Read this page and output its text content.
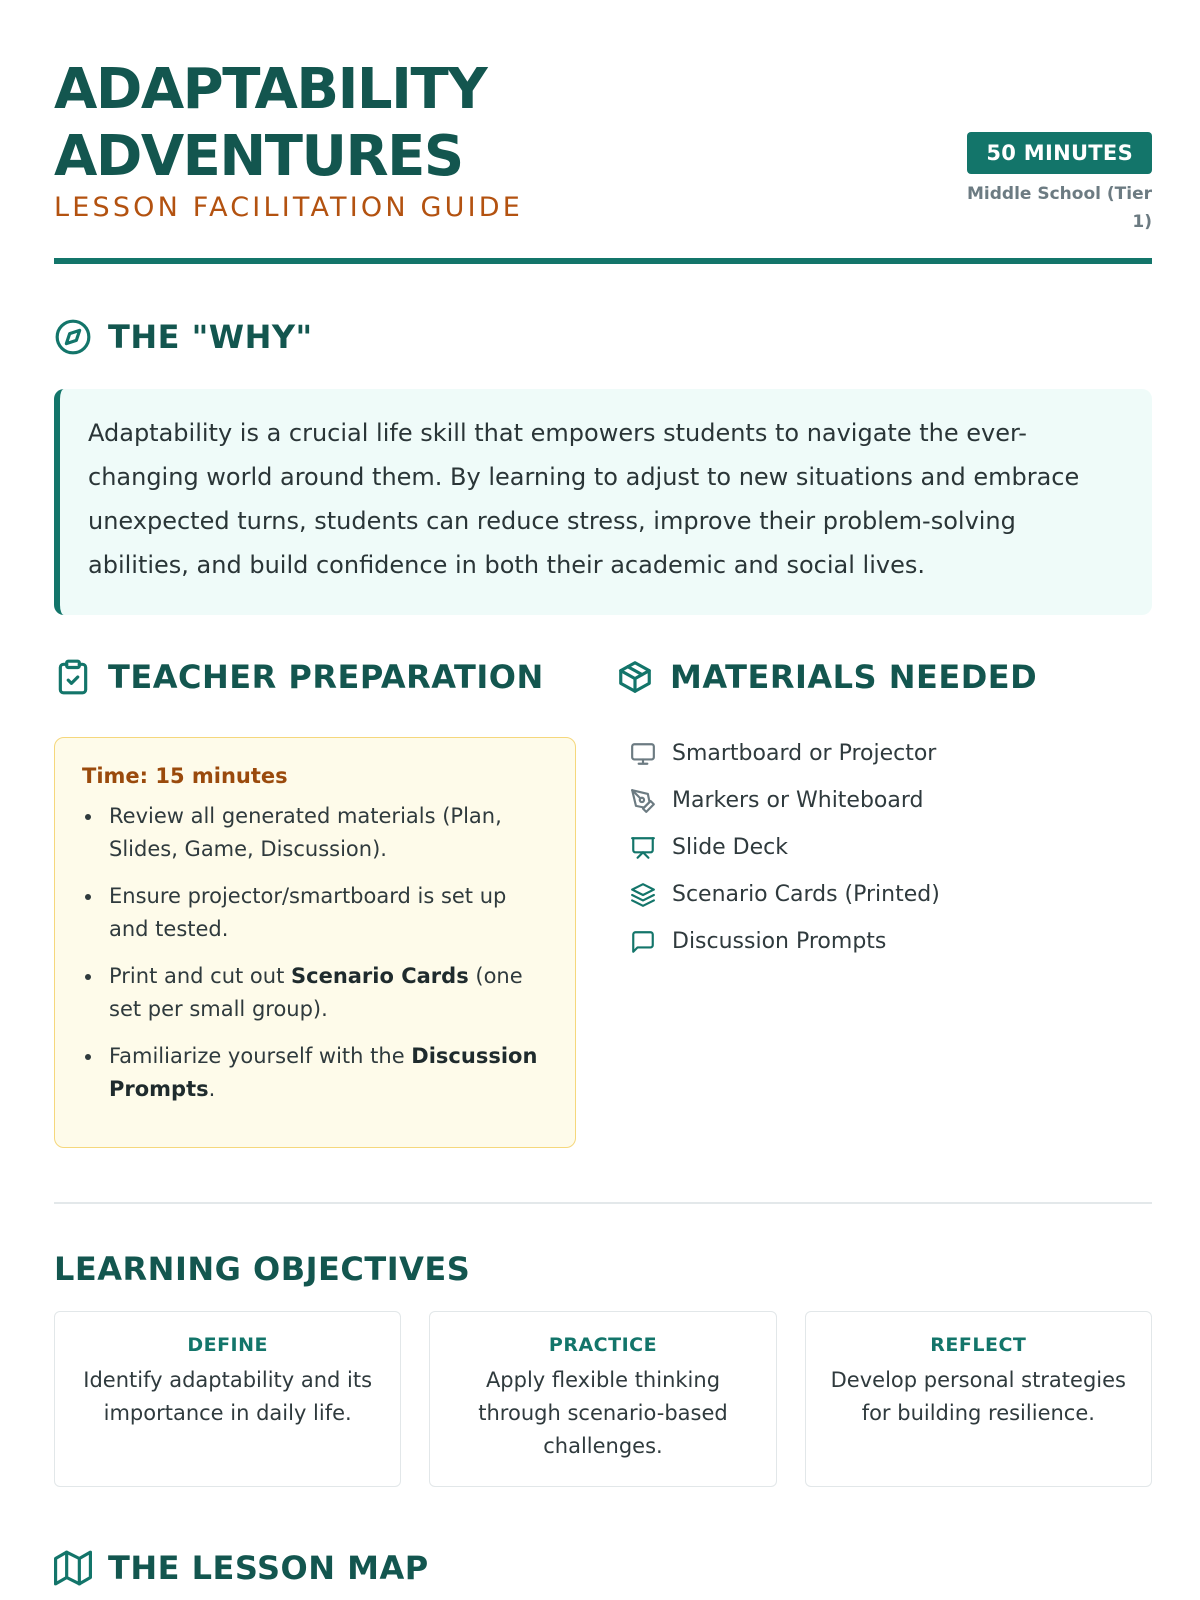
ADAPTABILITY
ADVENTURES
LESSON FACILITATION GUIDE
50 MINUTES
Middle School (Tier 1)
THE "WHY"

Adaptability is a crucial life skill that empowers students to navigate the ever-changing world around them. By learning to adjust to new situations and embrace unexpected turns, students can reduce stress, improve their problem-solving abilities, and build confidence in both their academic and social lives.

TEACHER PREPARATION
Time: 15 minutes
Review all generated materials (Plan, Slides, Game, Discussion).
Ensure projector/smartboard is set up and tested.
Print and cut out Scenario Cards (one set per small group).
Familiarize yourself with the Discussion Prompts.
MATERIALS NEEDED
Smartboard or Projector
Markers or Whiteboard
Slide Deck
Scenario Cards (Printed)
Discussion Prompts
LEARNING OBJECTIVES
DEFINE
Identify adaptability and its importance in daily life.
PRACTICE
Apply flexible thinking through scenario-based challenges.
REFLECT
Develop personal strategies for building resilience.
THE LESSON MAP
